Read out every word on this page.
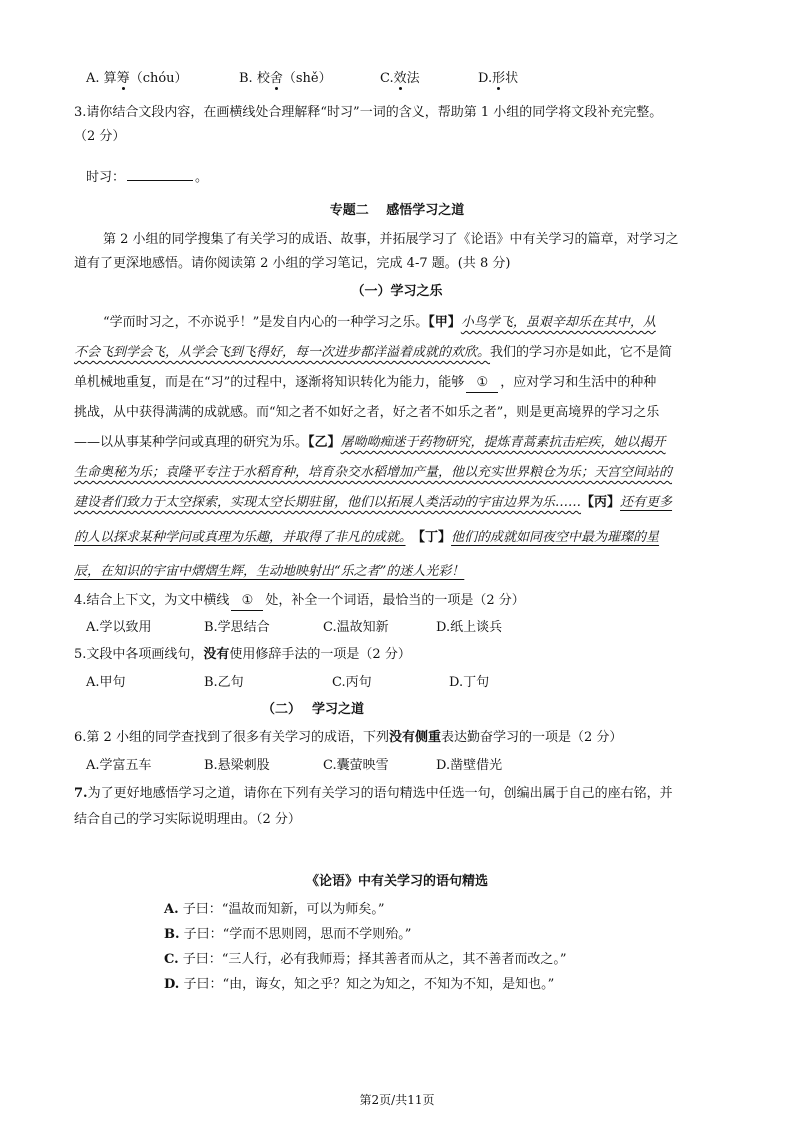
A. 算筹（chóu）	B. 校舍（shě）	C.效法	D.形状
3.请你结合文段内容，在画横线处合理解释“时习”一词的含义，帮助第 1 小组的同学将文段补充完整。
（2 分）
时习：	。
专题二　 感悟学习之道
第 2 小组的同学搜集了有关学习的成语、故事，并拓展学习了《论语》中有关学习的篇章，对学习之
道有了更深地感悟。请你阅读第 2 小组的学习笔记，完成 4-7 题。(共 8 分)
（一）学习之乐
“学而时习之，不亦说乎！”是发自内心的一种学习之乐。【甲】小鸟学飞，虽艰辛却乐在其中，从
不会飞到学会飞，从学会飞到飞得好，每一次进步都洋溢着成就的欢欣。我们的学习亦是如此，它不是简
单机械地重复，而是在“习”的过程中，逐渐将知识转化为能力，能够 ① ，应对学习和生活中的种种
挑战，从中获得满满的成就感。而“知之者不如好之者，好之者不如乐之者”，则是更高境界的学习之乐
——以从事某种学问或真理的研究为乐。【乙】屠呦呦痴迷于药物研究，提炼青蒿素抗击疟疾，她以揭开
生命奥秘为乐；袁隆平专注于水稻育种，培育杂交水稻增加产量，他以充实世界粮仓为乐；天宫空间站的
建设者们致力于太空探索，实现太空长期驻留，他们以拓展人类活动的宇宙边界为乐……【丙】还有更多
的人以探求某种学问或真理为乐趣，并取得了非凡的成就。　 【丁】他们的成就如同夜空中最为璀璨的星
辰，在知识的宇宙中熠熠生辉，生动地映射出“乐之者”的迷人光彩！
4.结合上下文，为文中横线 ① 处，补全一个词语，最恰当的一项是（2 分）
A.学以致用	B.学思结合	C.温故知新	D.纸上谈兵
5.文段中各项画线句，没有使用修辞手法的一项是（2 分）
A.甲句	B.乙句	C.丙句	D.丁句
（二）　 学习之道
6.第 2 小组的同学查找到了很多有关学习的成语，下列没有侧重表达勤奋学习的一项是（2 分）
A.学富五车	B.悬梁刺股	C.囊萤映雪	D.凿壁借光
7.为了更好地感悟学习之道，请你在下列有关学习的语句精选中任选一句，创编出属于自己的座右铭，并
结合自己的学习实际说明理由。（2 分）
《论语》中有关学习的语句精选
A. 子曰：“温故而知新，可以为师矣。”
B. 子曰：“学而不思则罔，思而不学则殆。”
C. 子曰：“三人行，必有我师焉；择其善者而从之，其不善者而改之。”
D. 子曰：“由，诲女，知之乎？知之为知之，不知为不知，是知也。”
第2页/共11页
